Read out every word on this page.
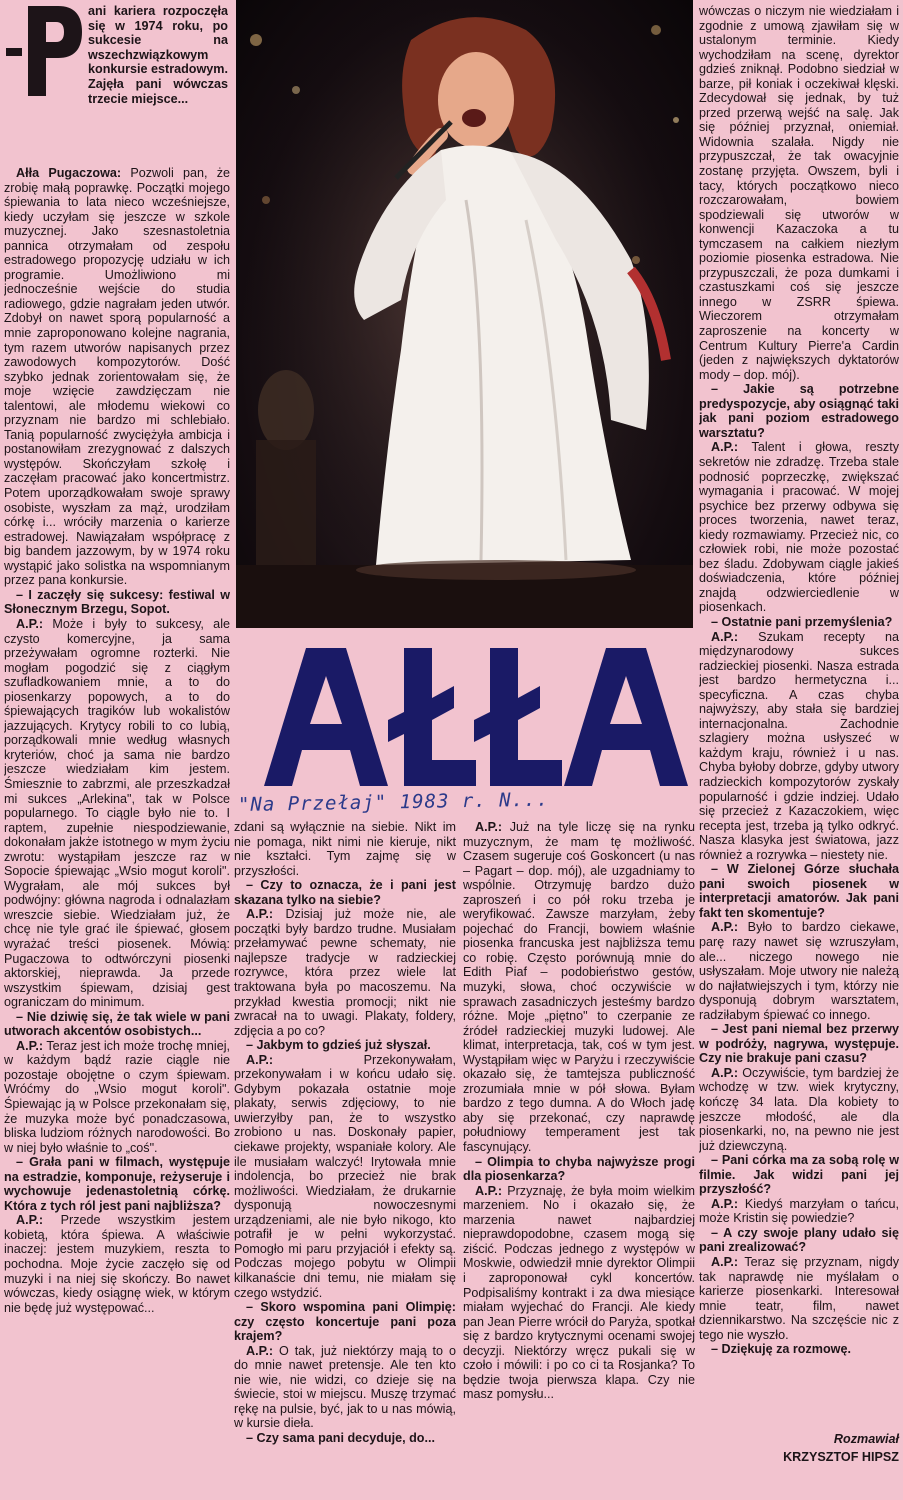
ani kariera rozpoczęła się w 1974 roku, po sukcesie na wszechzwiązkowym konkursie estradowym. Zajęła pani wówczas trzecie miejsce...
"Na Przełaj" 1983 r. N...

Ałła Pugaczowa: Pozwoli pan, że zrobię małą poprawkę. Początki mojego śpiewania to lata nieco wcześniejsze, kiedy uczyłam się jeszcze w szkole muzycznej. Jako szesnastoletnia pannica otrzymałam od zespołu estradowego propozycję udziału w ich programie. Umożliwiono mi jednocześnie wejście do studia radiowego, gdzie nagrałam jeden utwór. Zdobył on nawet sporą popularność a mnie zaproponowano kolejne nagrania, tym razem utworów napisanych przez zawodowych kompozytorów. Dość szybko jednak zorientowałam się, że moje wzięcie zawdzięczam nie talentowi, ale młodemu wiekowi co przyznam nie bardzo mi schlebiało. Tanią popularność zwyciężyła ambicja i postanowiłam zrezygnować z dalszych występów. Skończyłam szkołę i zaczęłam pracować jako koncertmistrz. Potem uporządkowałam swoje sprawy osobiste, wyszłam za mąż, urodziłam córkę i... wróciły marzenia o karierze estradowej. Nawiązałam współpracę z big bandem jazzowym, by w 1974 roku wystąpić jako solistka na wspomnianym przez pana konkursie.

– I zaczęły się sukcesy: festiwal w Słonecznym Brzegu, Sopot.

A.P.: Może i były to sukcesy, ale czysto komercyjne, ja sama przeżywałam ogromne rozterki. Nie mogłam pogodzić się z ciągłym szufladkowaniem mnie, a to do piosenkarzy popowych, a to do śpiewających tragików lub wokalistów jazzujących. Krytycy robili to co lubią, porządkowali mnie według własnych kryteriów, choć ja sama nie bardzo jeszcze wiedziałam kim jestem. Śmiesznie to zabrzmi, ale przeszkadzał mi sukces „Arlekina", tak w Polsce popularnego. To ciągle było nie to. I raptem, zupełnie niespodziewanie, dokonałam jakże istotnego w mym życiu zwrotu: wystąpiłam jeszcze raz w Sopocie śpiewając „Wsio mogut koroli". Wygrałam, ale mój sukces był podwójny: główna nagroda i odnalazłam wreszcie siebie. Wiedziałam już, że chcę nie tyle grać ile śpiewać, głosem wyrażać treści piosenek. Mówią: Pugaczowa to odtwórczyni piosenki aktorskiej, nieprawda. Ja przede wszystkim śpiewam, dzisiaj gest ograniczam do minimum.

– Nie dziwię się, że tak wiele w pani utworach akcentów osobistych...

A.P.: Teraz jest ich może trochę mniej, w każdym bądź razie ciągle nie pozostaje obojętne o czym śpiewam. Wróćmy do „Wsio mogut koroli". Śpiewając ją w Polsce przekonałam się, że muzyka może być ponadczasowa, bliska ludziom różnych narodowości. Bo w niej było właśnie to „coś".

– Grała pani w filmach, występuje na estradzie, komponuje, reżyseruje i wychowuje jedenastoletnią córkę. Która z tych ról jest pani najbliższa?

A.P.: Przede wszystkim jestem kobietą, która śpiewa. A właściwie inaczej: jestem muzykiem, reszta to pochodna. Moje życie zaczęło się od muzyki i na niej się skończy. Bo nawet wówczas, kiedy osiągnę wiek, w którym nie będę już występować...

zdani są wyłącznie na siebie. Nikt im nie pomaga, nikt nimi nie kieruje, nikt nie kształci. Tym zajmę się w przyszłości.

– Czy to oznacza, że i pani jest skazana tylko na siebie?

A.P.: Dzisiaj już może nie, ale początki były bardzo trudne. Musiałam przełamywać pewne schematy, nie najlepsze tradycje w radzieckiej rozrywce, która przez wiele lat traktowana była po macoszemu. Na przykład kwestia promocji; nikt nie zwracał na to uwagi. Plakaty, foldery, zdjęcia a po co?

– Jakbym to gdzieś już słyszał.

A.P.:	Przekonywałam, przekonywałam i w końcu udało się. Gdybym pokazała ostatnie moje plakaty, serwis zdjęciowy, to nie uwierzyłby pan, że to wszystko zrobiono u nas. Doskonały papier, ciekawe projekty, wspaniałe kolory. Ale ile musiałam walczyć! Irytowała mnie indolencja, bo przecież nie brak możliwości. Wiedziałam, że drukarnie dysponują nowoczesnymi urządzeniami, ale nie było nikogo, kto potrafił je w pełni wykorzystać. Pomogło mi paru przyjaciół i efekty są. Podczas mojego pobytu w Olimpii kilkanaście dni temu, nie miałam się czego wstydzić.

– Skoro wspomina pani Olimpię: czy często koncertuje pani poza krajem?

A.P.: O tak, już niektórzy mają to o do mnie nawet pretensje. Ale ten kto nie wie, nie widzi, co dzieje się na świecie, stoi w miejscu. Muszę trzymać rękę na pulsie, być, jak to u nas mówią, w kursie dieła.

– Czy sama pani decyduje, do...

A.P.: Już na tyle liczę się na rynku muzycznym, że mam tę możliwość. Czasem sugeruje coś Goskoncert (u nas – Pagart – dop. mój), ale uzgadniamy to wspólnie. Otrzymuję bardzo dużo zaproszeń i co pół roku trzeba je weryfikować. Zawsze marzyłam, żeby pojechać do Francji, bowiem właśnie piosenka francuska jest najbliższa temu co robię. Często porównują mnie do Edith Piaf – podobieństwo gestów, muzyki, słowa, choć oczywiście w sprawach zasadniczych jesteśmy bardzo różne. Moje „piętno" to czerpanie ze źródeł radzieckiej muzyki ludowej. Ale klimat, interpretacja, tak, coś w tym jest. Wystąpiłam więc w Paryżu i rzeczywiście okazało się, że tamtejsza publiczność zrozumiała mnie w pół słowa. Byłam bardzo z tego dumna. A do Włoch jadę aby się przekonać, czy naprawdę południowy temperament jest tak fascynujący.

– Olimpia to chyba najwyższe progi dla piosenkarza?

A.P.: Przyznaję, że była moim wielkim marzeniem. No i okazało się, że marzenia nawet najbardziej nieprawdopodobne, czasem mogą się ziścić. Podczas jednego z występów w Moskwie, odwiedził mnie dyrektor Olimpii i zaproponował cykl koncertów. Podpisaliśmy kontrakt i za dwa miesiące miałam wyjechać do Francji. Ale kiedy pan Jean Pierre wrócił do Paryża, spotkał się z bardzo krytycznymi ocenami swojej decyzji. Niektórzy wręcz pukali się w czoło i mówili: i po co ci ta Rosjanka? To będzie twoja pierwsza klapa. Czy nie masz pomysłu...

wówczas o niczym nie wiedziałam i zgodnie z umową zjawiłam się w ustalonym terminie. Kiedy wychodziłam na scenę, dyrektor gdzieś zniknął. Podobno siedział w barze, pił koniak i oczekiwał klęski. Zdecydował się jednak, by tuż przed przerwą wejść na salę. Jak się później przyznał, oniemiał. Widownia szalała. Nigdy nie przypuszczał, że tak owacyjnie zostanę przyjęta. Owszem, byli i tacy, których początkowo nieco rozczarowałam, bowiem spodziewali się utworów w konwencji Kazaczoka a tu tymczasem na całkiem niezłym poziomie piosenka estradowa. Nie przypuszczali, że poza dumkami i czastuszkami coś się jeszcze innego w ZSRR śpiewa. Wieczorem otrzymałam zaproszenie na koncerty w Centrum Kultury Pierre'a Cardin (jeden z największych dyktatorów mody – dop. mój).

– Jakie są potrzebne predyspozycje, aby osiągnąć taki jak pani poziom estradowego warsztatu?

A.P.: Talent i głowa, reszty sekretów nie zdradzę. Trzeba stale podnosić poprzeczkę, zwiększać wymagania i pracować. W mojej psychice bez przerwy odbywa się proces tworzenia, nawet teraz, kiedy rozmawiamy. Przecież nic, co człowiek robi, nie może pozostać bez śladu. Zdobywam ciągle jakieś doświadczenia, które później znajdą odzwierciedlenie w piosenkach.

– Ostatnie pani przemyślenia?

A.P.: Szukam recepty na międzynarodowy sukces radzieckiej piosenki. Nasza estrada jest bardzo hermetyczna i... specyficzna. A czas chyba najwyższy, aby stała się bardziej internacjonalna. Zachodnie szlagiery można usłyszeć w każdym kraju, również i u nas. Chyba byłoby dobrze, gdyby utwory radzieckich kompozytorów zyskały popularność i gdzie indziej. Udało się przecież z Kazaczokiem, więc recepta jest, trzeba ją tylko odkryć. Nasza klasyka jest światowa, jazz również a rozrywka – niestety nie.

– W Zielonej Górze słuchała pani swoich piosenek w interpretacji amatorów. Jak pani fakt ten skomentuje?

A.P.: Było to bardzo ciekawe, parę razy nawet się wzruszyłam, ale... niczego nowego nie usłyszałam. Moje utwory nie należą do najłatwiejszych i tym, którzy nie dysponują dobrym warsztatem, radziłabym śpiewać co innego.

– Jest pani niemal bez przerwy w podróży, nagrywa, występuje. Czy nie brakuje pani czasu?

A.P.: Oczywiście, tym bardziej że wchodzę w tzw. wiek krytyczny, kończę 34 lata. Dla kobiety to jeszcze młodość, ale dla piosenkarki, no, na pewno nie jest już dziewczyną.

– Pani córka ma za sobą rolę w filmie. Jak widzi pani jej przyszłość?

A.P.: Kiedyś marzyłam o tańcu, może Kristin się powiedzie?

– A czy swoje plany udało się pani zrealizować?

A.P.: Teraz się przyznam, nigdy tak naprawdę nie myślałam o karierze piosenkarki. Interesował mnie teatr, film, nawet dziennikarstwo. Na szczęście nic z tego nie wyszło.

– Dziękuję za rozmowę.

Rozmawiał
KRZYSZTOF HIPSZ
